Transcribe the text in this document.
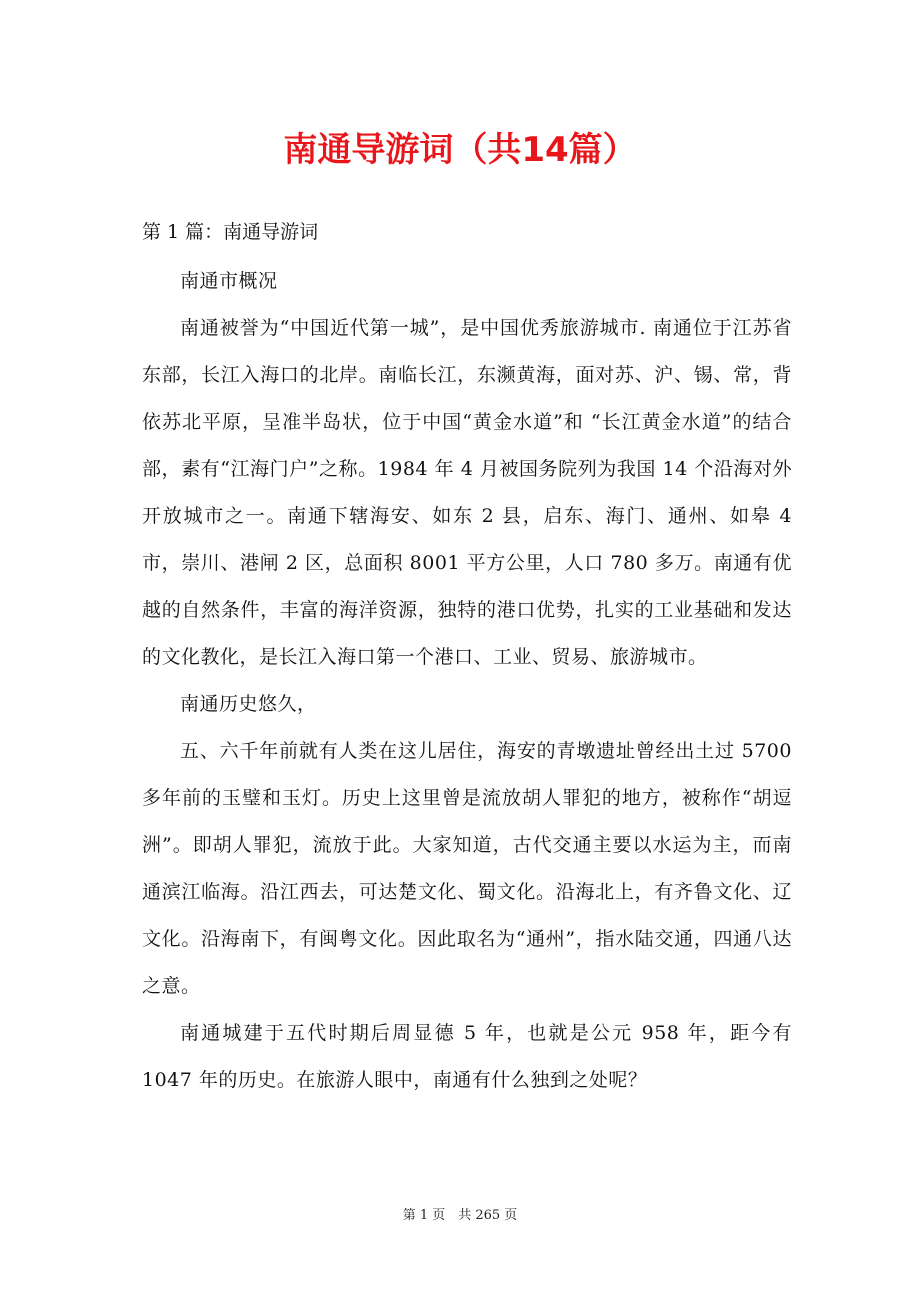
南通导游词（共14篇）

第 1 篇：南通导游词

南通市概况

南通被誉为“中国近代第一城”，是中国优秀旅游城市. 南通位于江苏省东部，长江入海口的北岸。南临长江，东濒黄海，面对苏、沪、锡、常，背依苏北平原，呈准半岛状，位于中国“黄金水道”和 “长江黄金水道”的结合部，素有“江海门户”之称。1984 年 4 月被国务院列为我国 14 个沿海对外开放城市之一。南通下辖海安、如东 2 县，启东、海门、通州、如皋 4 市，崇川、港闸 2 区，总面积 8001 平方公里，人口 780 多万。南通有优越的自然条件，丰富的海洋资源，独特的港口优势，扎实的工业基础和发达的文化教化，是长江入海口第一个港口、工业、贸易、旅游城市。

南通历史悠久，

五、六千年前就有人类在这儿居住，海安的青墩遗址曾经出土过 5700 多年前的玉璧和玉灯。历史上这里曾是流放胡人罪犯的地方，被称作“胡逗洲”。即胡人罪犯，流放于此。大家知道，古代交通主要以水运为主，而南通滨江临海。沿江西去，可达楚文化、蜀文化。沿海北上，有齐鲁文化、辽文化。沿海南下，有闽粤文化。因此取名为“通州”，指水陆交通，四通八达之意。

南通城建于五代时期后周显德 5 年，也就是公元 958 年，距今有 1047 年的历史。在旅游人眼中，南通有什么独到之处呢？

第 1 页　共 265 页
